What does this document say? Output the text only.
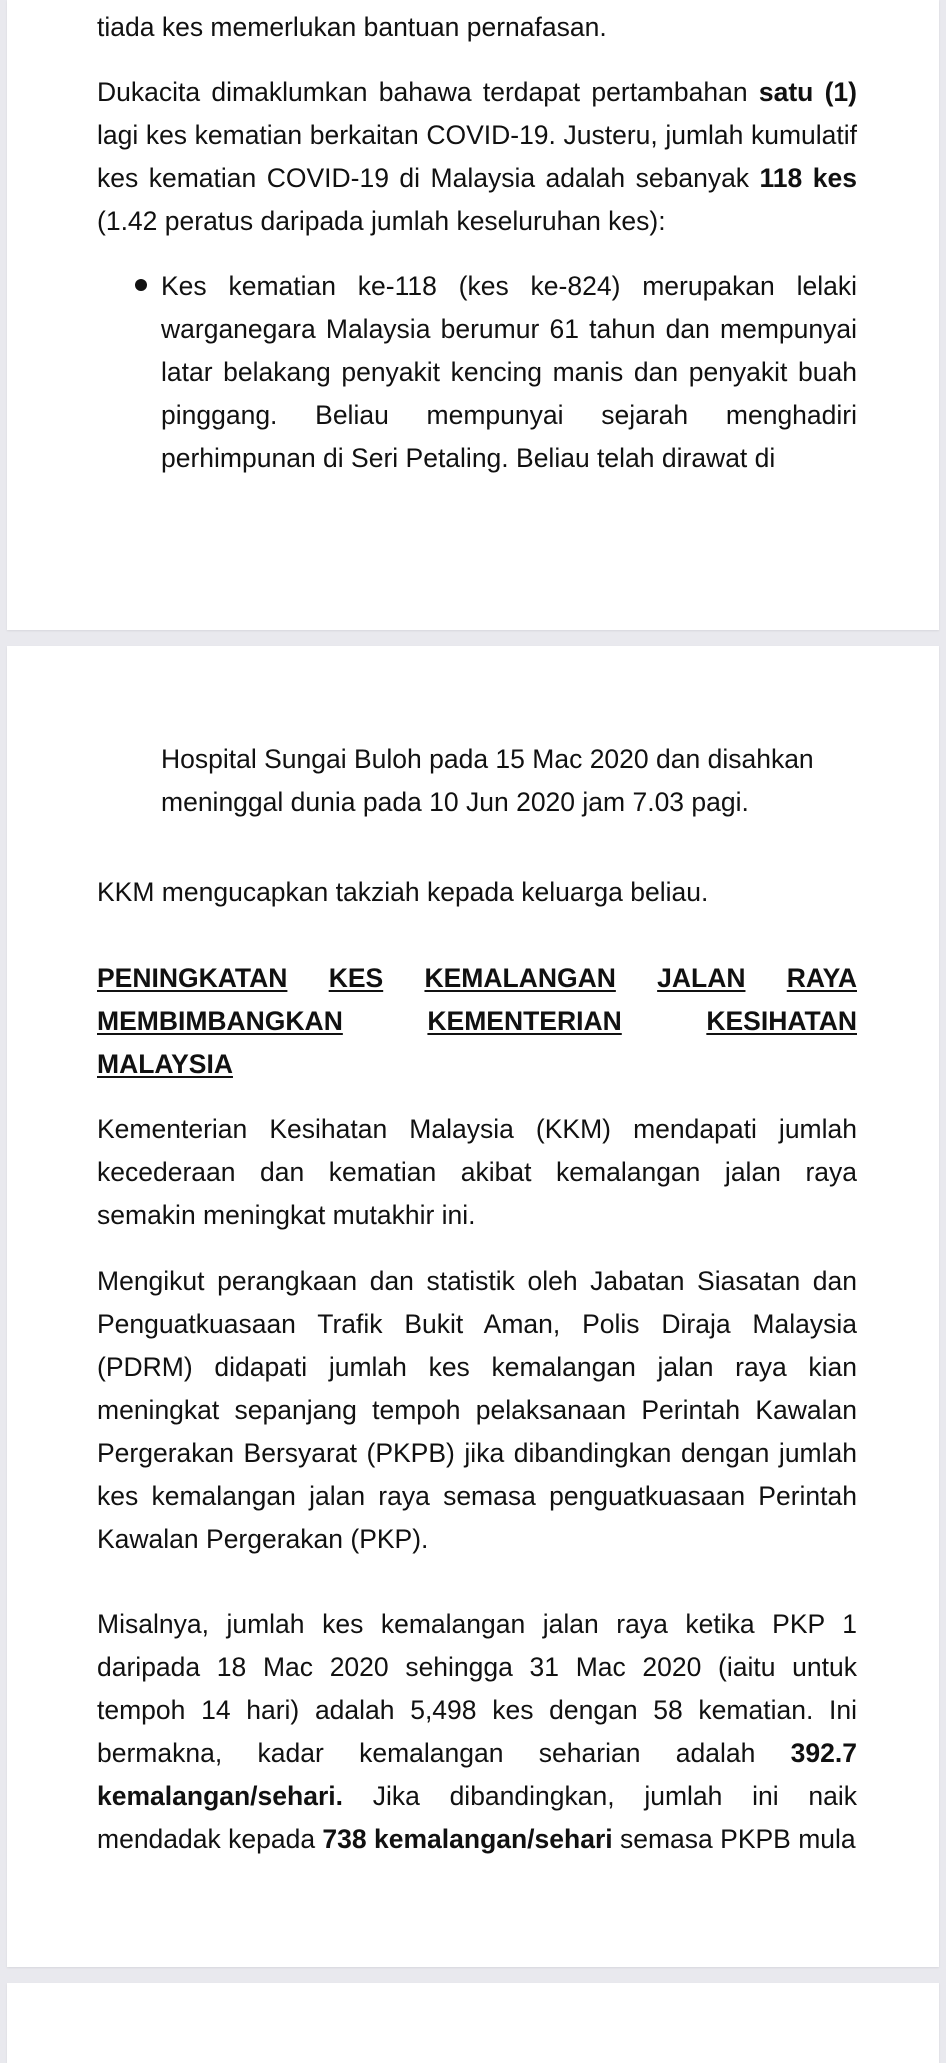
tiada kes memerlukan bantuan pernafasan.

Dukacita dimaklumkan bahawa terdapat pertambahan satu (1) lagi kes kematian berkaitan COVID-19. Justeru, jumlah kumulatif kes kematian COVID-19 di Malaysia adalah sebanyak 118 kes (1.42 peratus daripada jumlah keseluruhan kes):

Kes kematian ke-118 (kes ke-824) merupakan lelaki warganegara Malaysia berumur 61 tahun dan mempunyai latar belakang penyakit kencing manis dan penyakit buah pinggang. Beliau mempunyai sejarah menghadiri perhimpunan di Seri Petaling. Beliau telah dirawat di

Hospital Sungai Buloh pada 15 Mac 2020 dan disahkan

meninggal dunia pada 10 Jun 2020 jam 7.03 pagi.

KKM mengucapkan takziah kepada keluarga beliau.

PENINGKATAN KES KEMALANGAN JALAN RAYA
MEMBIMBANGKAN	KEMENTERIAN	KESIHATAN
MALAYSIA

Kementerian Kesihatan Malaysia (KKM) mendapati jumlah kecederaan dan kematian akibat kemalangan jalan raya semakin meningkat mutakhir ini.

Mengikut perangkaan dan statistik oleh Jabatan Siasatan dan Penguatkuasaan Trafik Bukit Aman, Polis Diraja Malaysia (PDRM) didapati jumlah kes kemalangan jalan raya kian meningkat sepanjang tempoh pelaksanaan Perintah Kawalan Pergerakan Bersyarat (PKPB) jika dibandingkan dengan jumlah kes kemalangan jalan raya semasa penguatkuasaan Perintah Kawalan Pergerakan (PKP).

Misalnya, jumlah kes kemalangan jalan raya ketika PKP 1 daripada 18 Mac 2020 sehingga 31 Mac 2020 (iaitu untuk tempoh 14 hari) adalah 5,498 kes dengan 58 kematian. Ini bermakna, kadar kemalangan seharian adalah 392.7 kemalangan/sehari. Jika dibandingkan, jumlah ini naik mendadak kepada 738 kemalangan/sehari semasa PKPB mula
